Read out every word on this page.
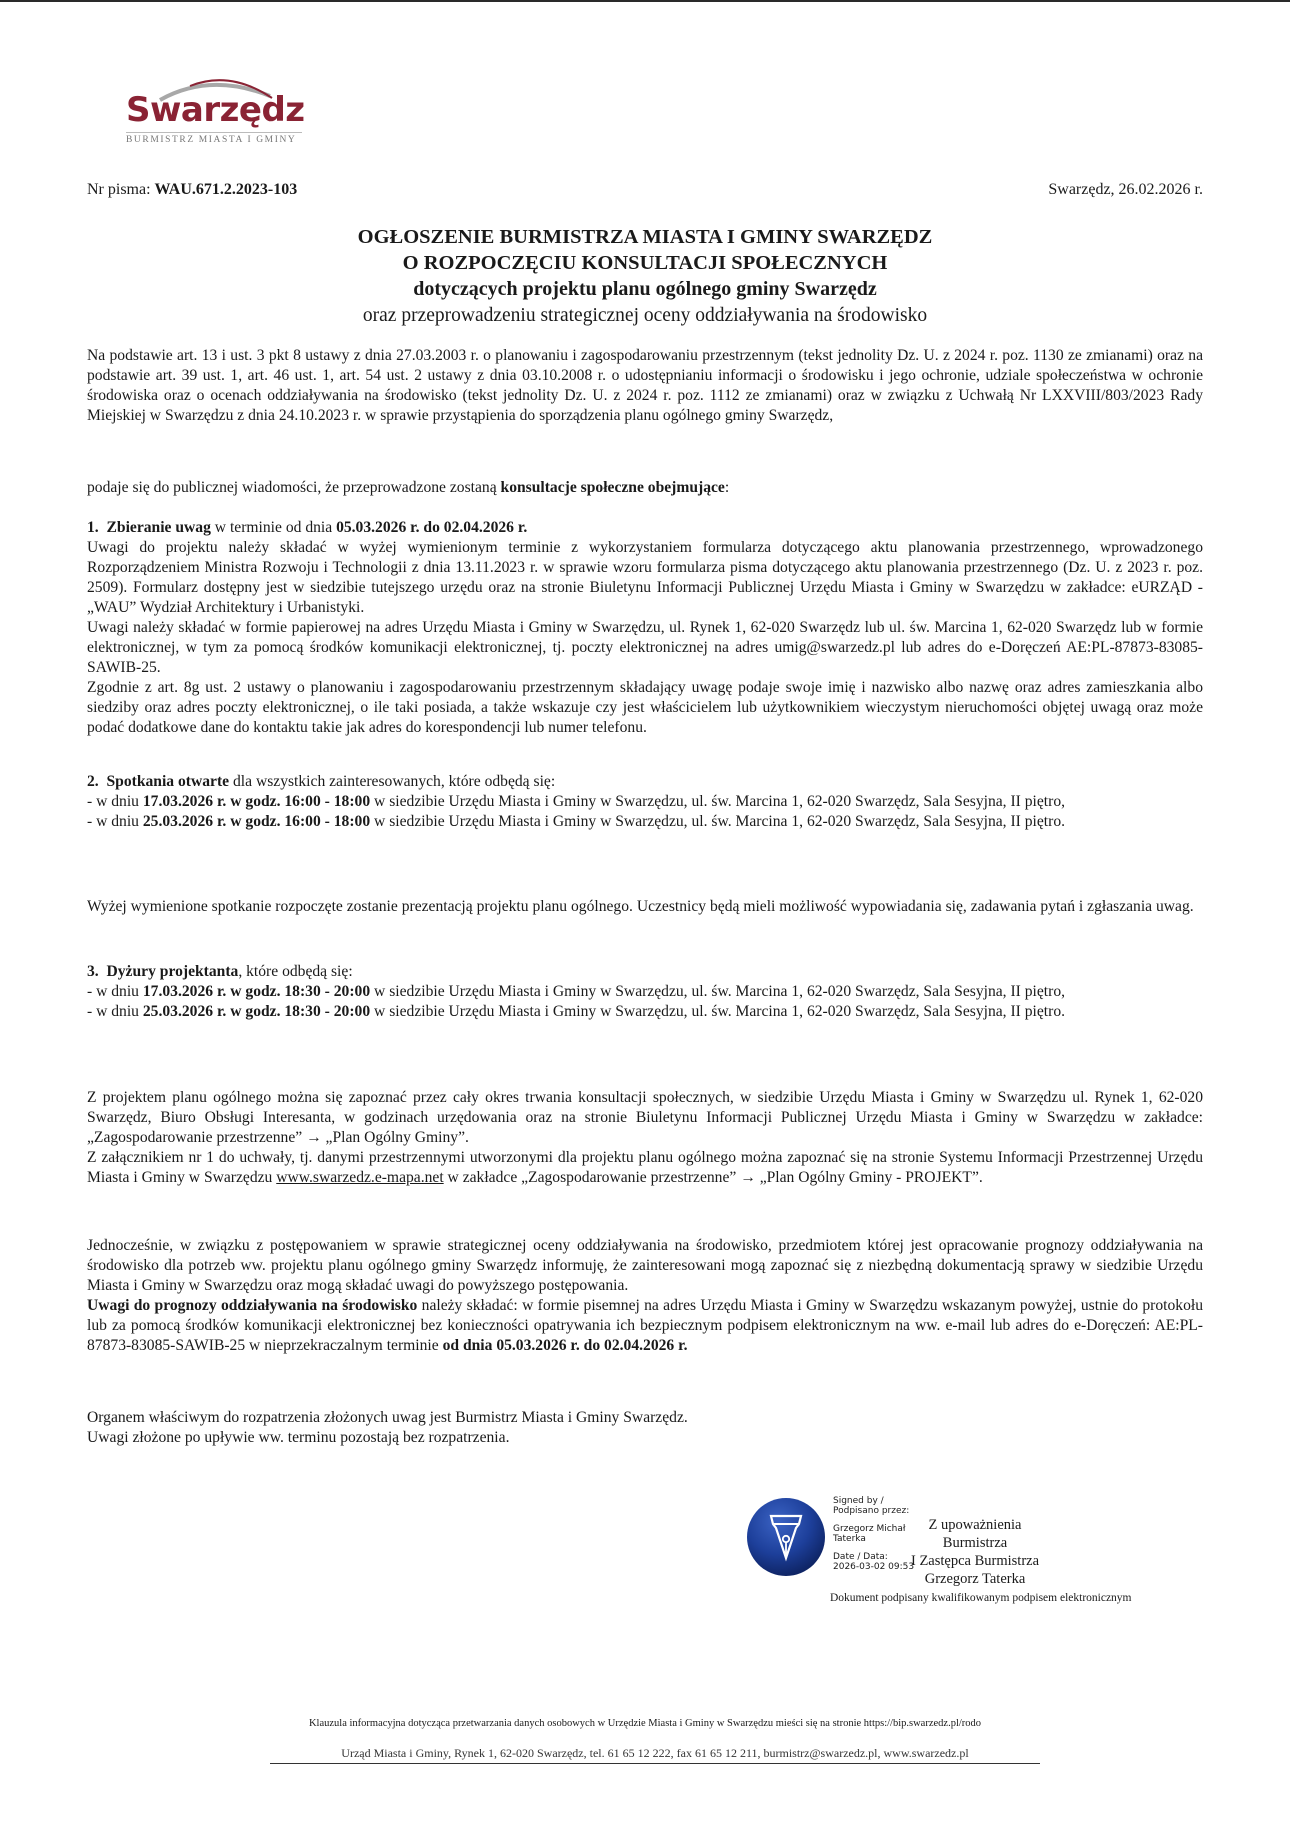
Swarzędz
BURMISTRZ MIASTA I GMINY
Nr pisma: WAU.671.2.2023-103	Swarzędz, 26.02.2026 r.
OGŁOSZENIE BURMISTRZA MIASTA I GMINY SWARZĘDZ
O ROZPOCZĘCIU KONSULTACJI SPOŁECZNYCH
dotyczących projektu planu ogólnego gminy Swarzędz
oraz przeprowadzeniu strategicznej oceny oddziaływania na środowisko

Na podstawie art. 13 i ust. 3 pkt 8 ustawy z dnia 27.03.2003 r. o planowaniu i zagospodarowaniu przestrzennym (tekst jednolity Dz. U. z 2024 r. poz. 1130 ze zmianami) oraz na podstawie art. 39 ust. 1, art. 46 ust. 1, art. 54 ust. 2 ustawy z dnia 03.10.2008 r. o udostępnianiu informacji o środowisku i jego ochronie, udziale społeczeństwa w ochronie środowiska oraz o ocenach oddziaływania na środowisko (tekst jednolity Dz. U. z 2024 r. poz. 1112 ze zmianami) oraz w związku z Uchwałą Nr LXXVIII/803/2023 Rady Miejskiej w Swarzędzu z dnia 24.10.2023 r. w sprawie przystąpienia do sporządzenia planu ogólnego gminy Swarzędz,

podaje się do publicznej wiadomości, że przeprowadzone zostaną konsultacje społeczne obejmujące:

1. Zbieranie uwag w terminie od dnia 05.03.2026 r. do 02.04.2026 r.

Uwagi do projektu należy składać w wyżej wymienionym terminie z wykorzystaniem formularza dotyczącego aktu planowania przestrzennego, wprowadzonego Rozporządzeniem Ministra Rozwoju i Technologii z dnia 13.11.2023 r. w sprawie wzoru formularza pisma dotyczącego aktu planowania przestrzennego (Dz. U. z 2023 r. poz. 2509). Formularz dostępny jest w siedzibie tutejszego urzędu oraz na stronie Biuletynu Informacji Publicznej Urzędu Miasta i Gminy w Swarzędzu w zakładce: eURZĄD - „WAU” Wydział Architektury i Urbanistyki.

Uwagi należy składać w formie papierowej na adres Urzędu Miasta i Gminy w Swarzędzu, ul. Rynek 1, 62-020 Swarzędz lub ul. św. Marcina 1, 62-020 Swarzędz lub w formie elektronicznej, w tym za pomocą środków komunikacji elektronicznej, tj. poczty elektronicznej na adres umig@swarzedz.pl lub adres do e-Doręczeń AE:PL-87873-83085-SAWIB-25.

Zgodnie z art. 8g ust. 2 ustawy o planowaniu i zagospodarowaniu przestrzennym składający uwagę podaje swoje imię i nazwisko albo nazwę oraz adres zamieszkania albo siedziby oraz adres poczty elektronicznej, o ile taki posiada, a także wskazuje czy jest właścicielem lub użytkownikiem wieczystym nieruchomości objętej uwagą oraz może podać dodatkowe dane do kontaktu takie jak adres do korespondencji lub numer telefonu.

2. Spotkania otwarte dla wszystkich zainteresowanych, które odbędą się:

- w dniu 17.03.2026 r. w godz. 16:00 - 18:00 w siedzibie Urzędu Miasta i Gminy w Swarzędzu, ul. św. Marcina 1, 62-020 Swarzędz, Sala Sesyjna, II piętro,

- w dniu 25.03.2026 r. w godz. 16:00 - 18:00 w siedzibie Urzędu Miasta i Gminy w Swarzędzu, ul. św. Marcina 1, 62-020 Swarzędz, Sala Sesyjna, II piętro.

Wyżej wymienione spotkanie rozpoczęte zostanie prezentacją projektu planu ogólnego. Uczestnicy będą mieli możliwość wypowiadania się, zadawania pytań i zgłaszania uwag.

3. Dyżury projektanta, które odbędą się:

- w dniu 17.03.2026 r. w godz. 18:30 - 20:00 w siedzibie Urzędu Miasta i Gminy w Swarzędzu, ul. św. Marcina 1, 62-020 Swarzędz, Sala Sesyjna, II piętro,

- w dniu 25.03.2026 r. w godz. 18:30 - 20:00 w siedzibie Urzędu Miasta i Gminy w Swarzędzu, ul. św. Marcina 1, 62-020 Swarzędz, Sala Sesyjna, II piętro.

Z projektem planu ogólnego można się zapoznać przez cały okres trwania konsultacji społecznych, w siedzibie Urzędu Miasta i Gminy w Swarzędzu ul. Rynek 1, 62-020 Swarzędz, Biuro Obsługi Interesanta, w godzinach urzędowania oraz na stronie Biuletynu Informacji Publicznej Urzędu Miasta i Gminy w Swarzędzu w zakładce: „Zagospodarowanie przestrzenne” → „Plan Ogólny Gminy”.

Z załącznikiem nr 1 do uchwały, tj. danymi przestrzennymi utworzonymi dla projektu planu ogólnego można zapoznać się na stronie Systemu Informacji Przestrzennej Urzędu Miasta i Gminy w Swarzędzu www.swarzedz.e-mapa.net w zakładce „Zagospodarowanie przestrzenne” → „Plan Ogólny Gminy - PROJEKT”.

Jednocześnie, w związku z postępowaniem w sprawie strategicznej oceny oddziaływania na środowisko, przedmiotem której jest opracowanie prognozy oddziaływania na środowisko dla potrzeb ww. projektu planu ogólnego gminy Swarzędz informuję, że zainteresowani mogą zapoznać się z niezbędną dokumentacją sprawy w siedzibie Urzędu Miasta i Gminy w Swarzędzu oraz mogą składać uwagi do powyższego postępowania.

Uwagi do prognozy oddziaływania na środowisko należy składać: w formie pisemnej na adres Urzędu Miasta i Gminy w Swarzędzu wskazanym powyżej, ustnie do protokołu lub za pomocą środków komunikacji elektronicznej bez konieczności opatrywania ich bezpiecznym podpisem elektronicznym na ww. e-mail lub adres do e-Doręczeń: AE:PL-87873-83085-SAWIB-25 w nieprzekraczalnym terminie od dnia 05.03.2026 r. do 02.04.2026 r.

Organem właściwym do rozpatrzenia złożonych uwag jest Burmistrz Miasta i Gminy Swarzędz.

Uwagi złożone po upływie ww. terminu pozostają bez rozpatrzenia.

Signed by /
Podpisano przez:
Grzegorz Michał
Taterka
Date / Data:
2026-03-02 09:53
Z upoważnienia Burmistrza
I Zastępca Burmistrza
Grzegorz Taterka
Dokument podpisany kwalifikowanym podpisem elektronicznym
Klauzula informacyjna dotycząca przetwarzania danych osobowych w Urzędzie Miasta i Gminy w Swarzędzu mieści się na stronie https://bip.swarzedz.pl/rodo
Urząd Miasta i Gminy, Rynek 1, 62-020 Swarzędz, tel. 61 65 12 222, fax 61 65 12 211, burmistrz@swarzedz.pl, www.swarzedz.pl
